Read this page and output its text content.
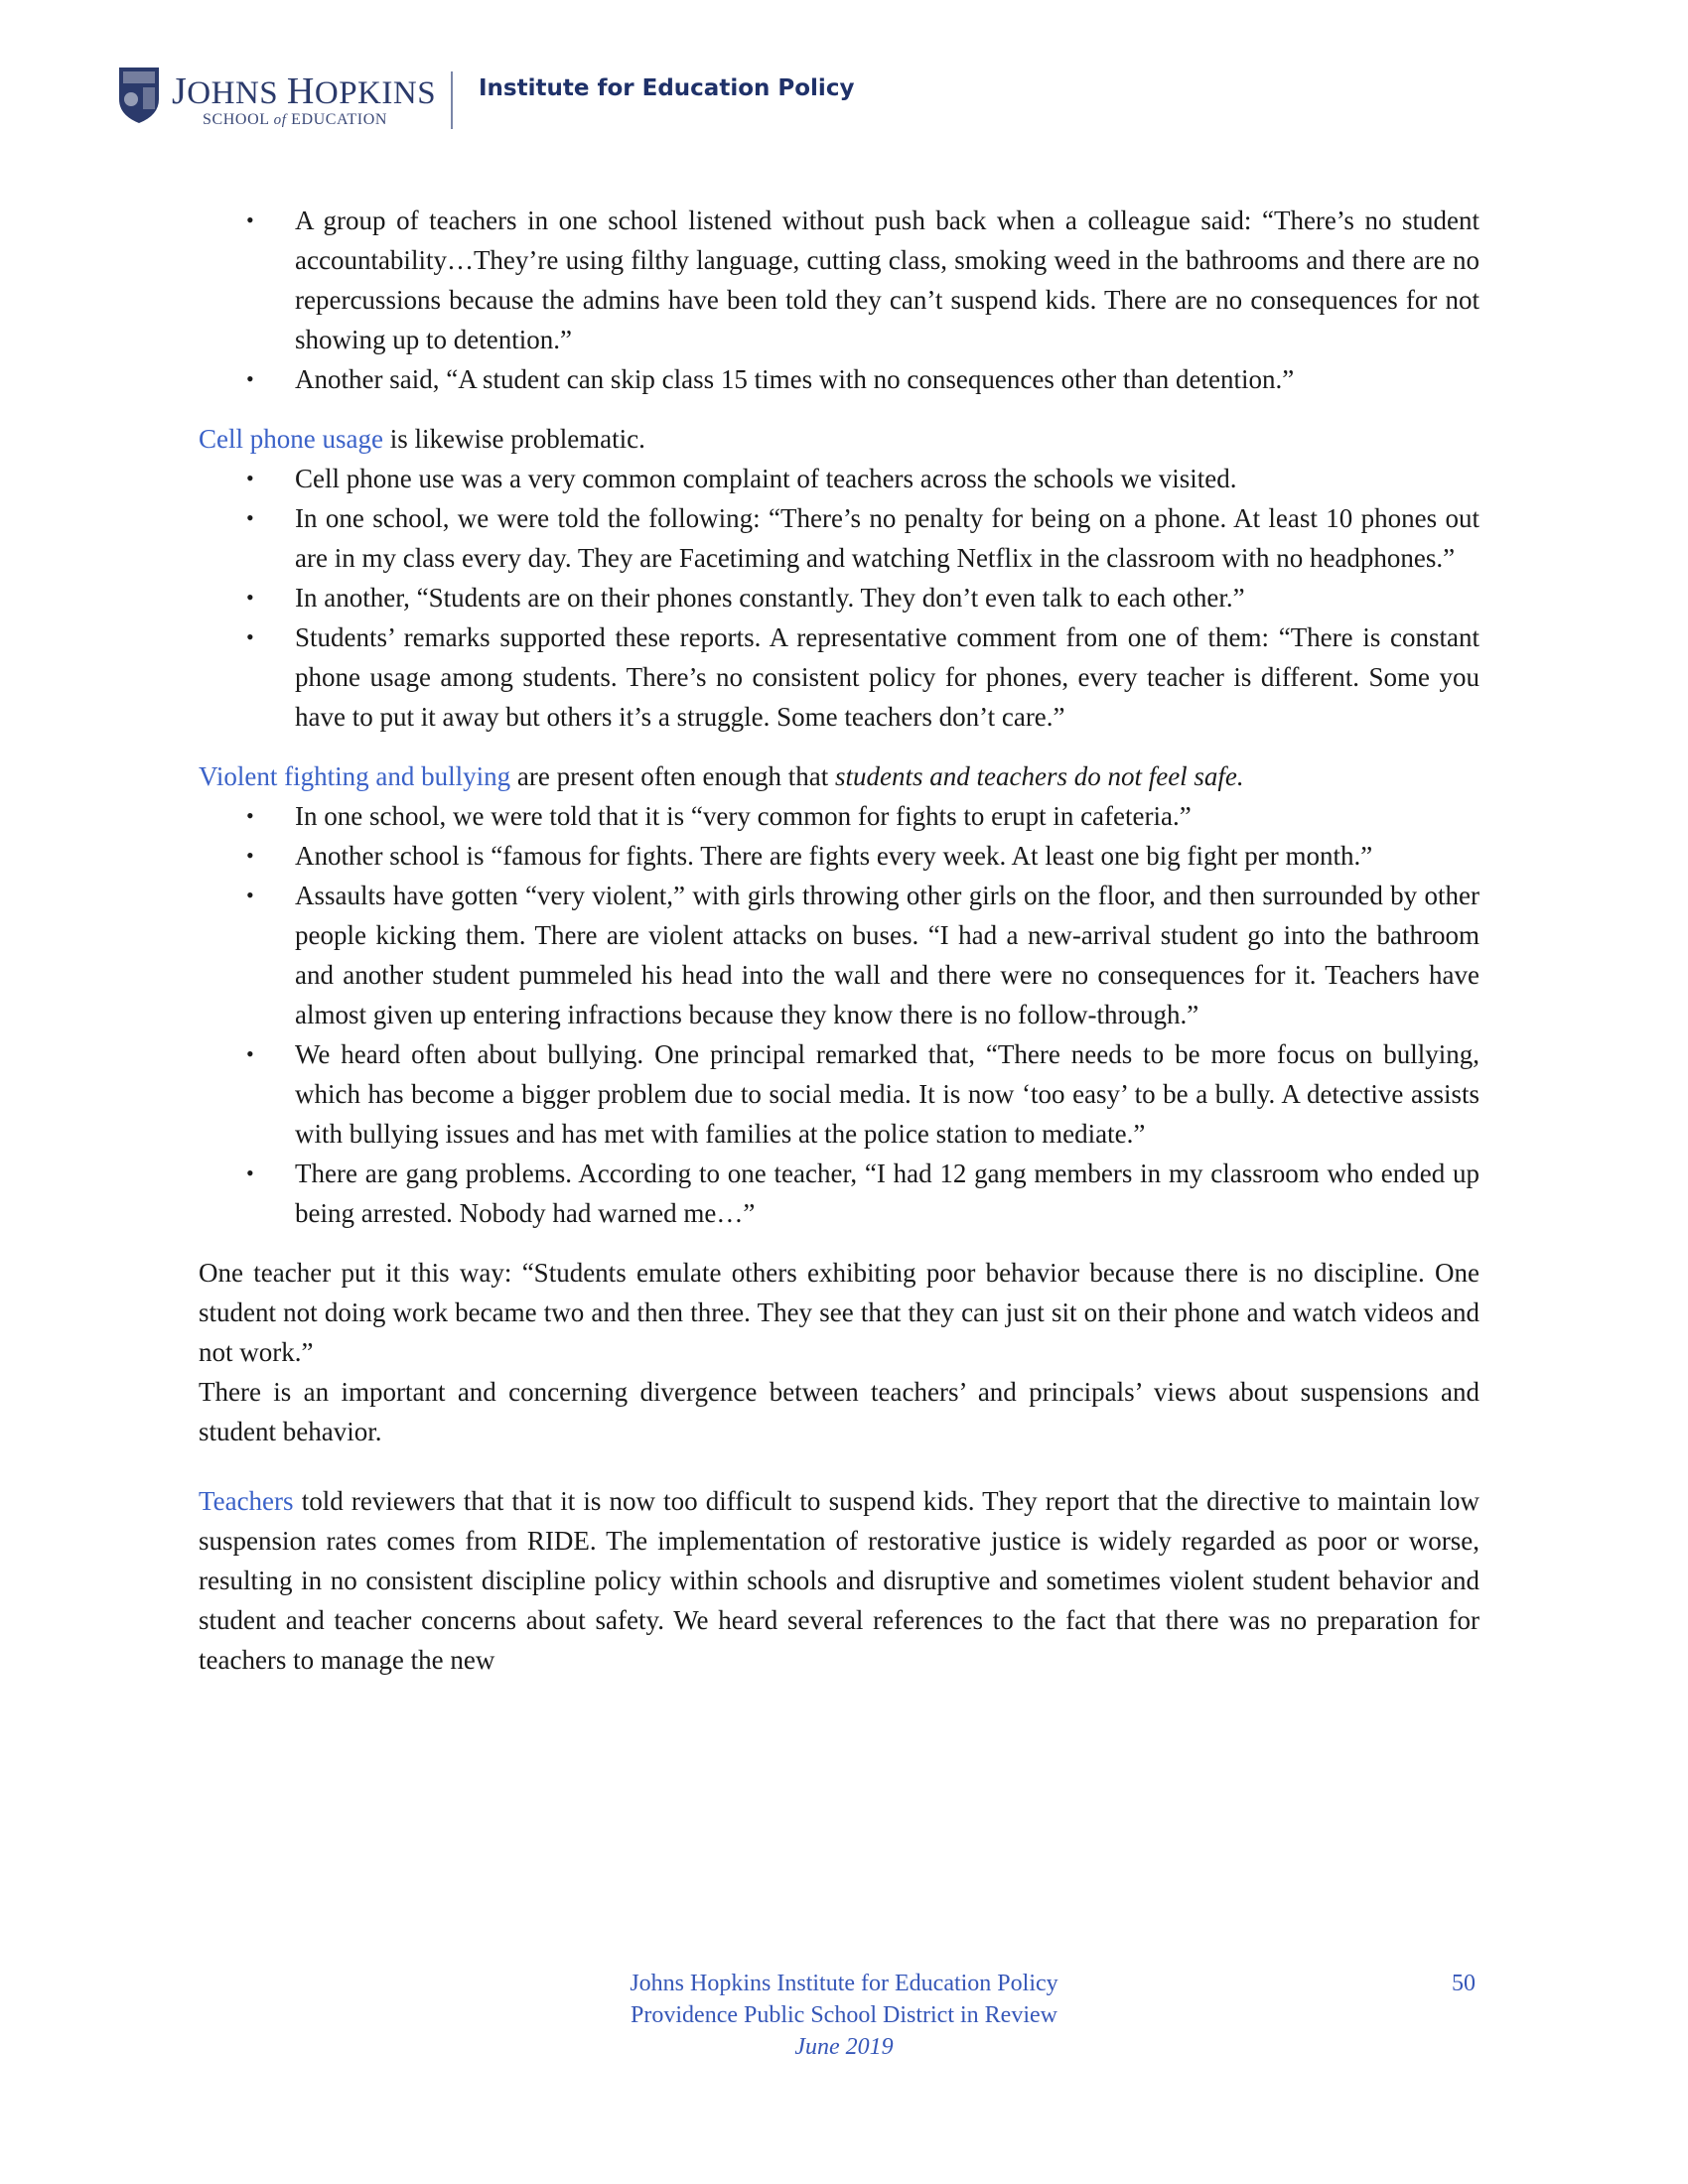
JOHNS HOPKINS
SCHOOL of EDUCATION
Institute for Education Policy
• A group of teachers in one school listened without push back when a colleague said: “There’s no student accountability…They’re using filthy language, cutting class, smoking weed in the bathrooms and there are no repercussions because the admins have been told they can’t suspend kids. There are no consequences for not showing up to detention.”
• Another said, “A student can skip class 15 times with no consequences other than detention.”

Cell phone usage is likewise problematic.

• Cell phone use was a very common complaint of teachers across the schools we visited.
• In one school, we were told the following: “There’s no penalty for being on a phone. At least 10 phones out are in my class every day. They are Facetiming and watching Netflix in the classroom with no headphones.”
• In another, “Students are on their phones constantly. They don’t even talk to each other.”
• Students’ remarks supported these reports. A representative comment from one of them: “There is constant phone usage among students. There’s no consistent policy for phones, every teacher is different. Some you have to put it away but others it’s a struggle. Some teachers don’t care.”

Violent fighting and bullying are present often enough that students and teachers do not feel safe.

• In one school, we were told that it is “very common for fights to erupt in cafeteria.”
• Another school is “famous for fights. There are fights every week. At least one big fight per month.”
• Assaults have gotten “very violent,” with girls throwing other girls on the floor, and then surrounded by other people kicking them. There are violent attacks on buses. “I had a new-arrival student go into the bathroom and another student pummeled his head into the wall and there were no consequences for it. Teachers have almost given up entering infractions because they know there is no follow-through.”
• We heard often about bullying. One principal remarked that, “There needs to be more focus on bullying, which has become a bigger problem due to social media. It is now ‘too easy’ to be a bully. A detective assists with bullying issues and has met with families at the police station to mediate.”
• There are gang problems. According to one teacher, “I had 12 gang members in my classroom who ended up being arrested. Nobody had warned me…”

One teacher put it this way: “Students emulate others exhibiting poor behavior because there is no discipline. One student not doing work became two and then three. They see that they can just sit on their phone and watch videos and not work.”

There is an important and concerning divergence between teachers’ and principals’ views about suspensions and student behavior.

Teachers told reviewers that that it is now too difficult to suspend kids. They report that the directive to maintain low suspension rates comes from RIDE. The implementation of restorative justice is widely regarded as poor or worse, resulting in no consistent discipline policy within schools and disruptive and sometimes violent student behavior and student and teacher concerns about safety. We heard several references to the fact that there was no preparation for teachers to manage the new

Johns Hopkins Institute for Education Policy
Providence Public School District in Review
June 2019
50
